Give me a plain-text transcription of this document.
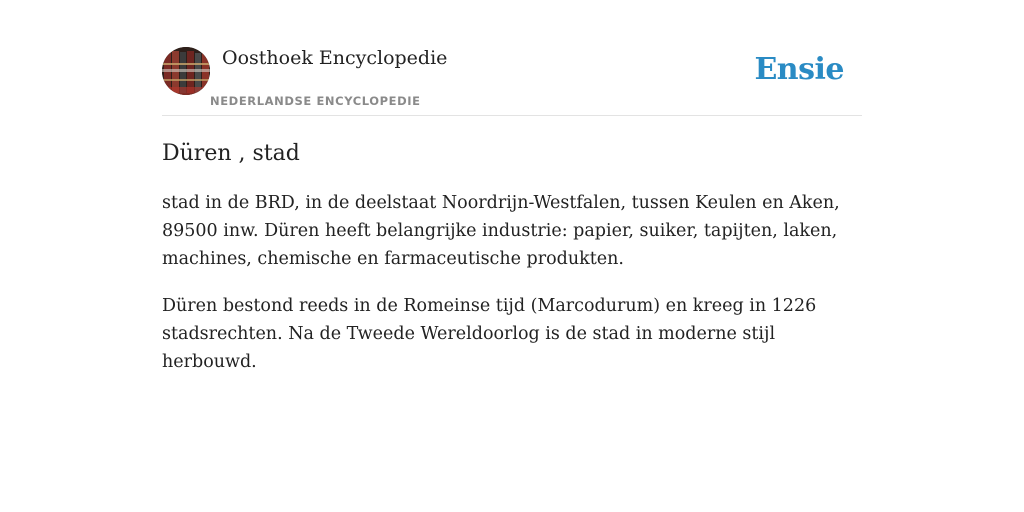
Oosthoek Encyclopedie
NEDERLANDSE ENCYCLOPEDIE
Ensie
Düren , stad

stad in de BRD, in de deelstaat Noordrijn-Westfalen, tussen Keulen en Aken, 89500 inw. Düren heeft belangrijke industrie: papier, suiker, tapijten, laken, machines, chemische en farmaceutische produkten.

Düren bestond reeds in de Romeinse tijd (Marcodurum) en kreeg in 1226 stadsrechten. Na de Tweede Wereldoorlog is de stad in moderne stijl herbouwd.
